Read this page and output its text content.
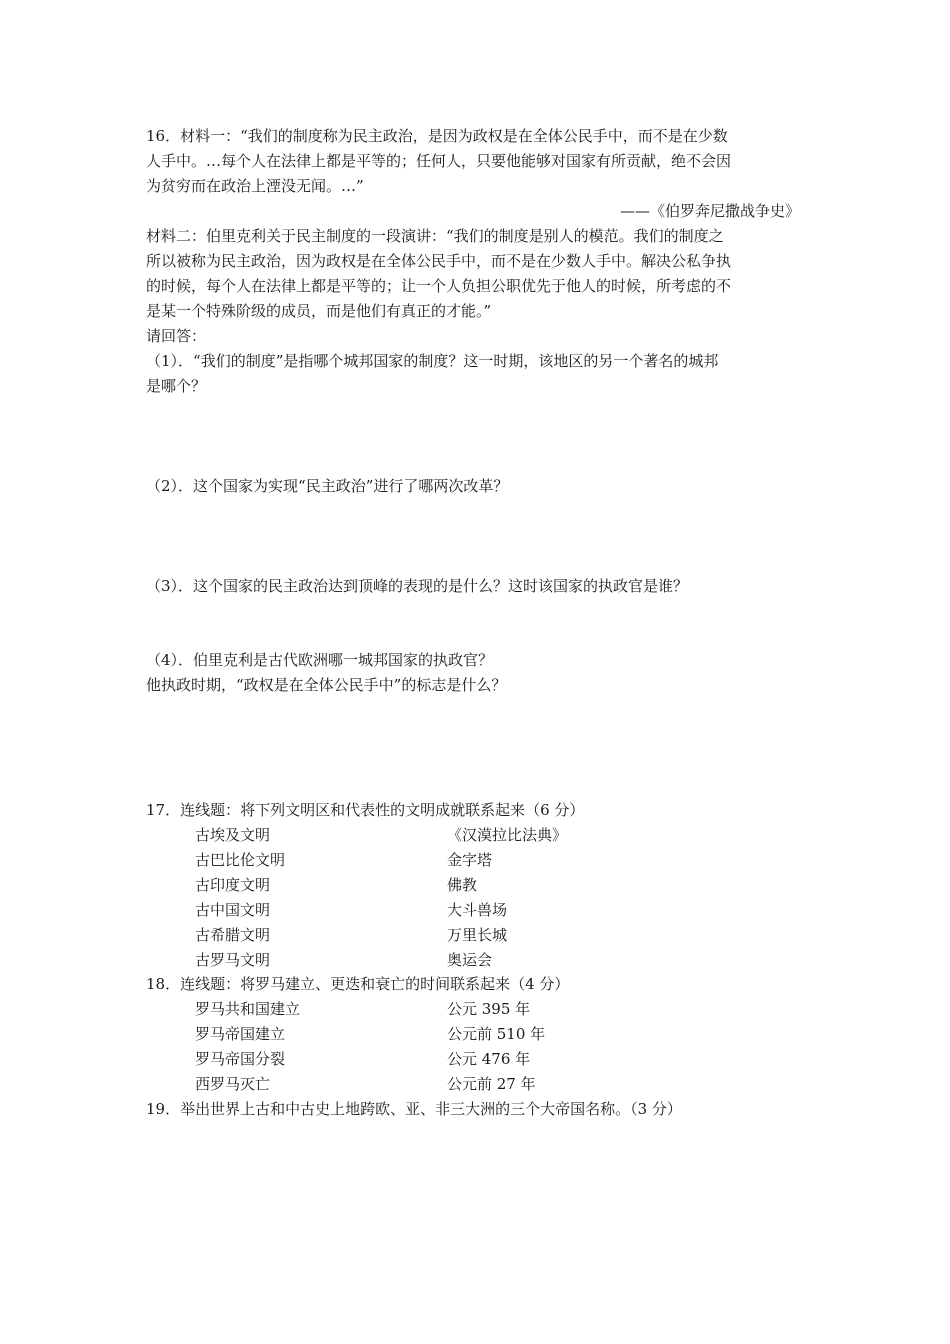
16．材料一：“我们的制度称为民主政治，是因为政权是在全体公民手中，而不是在少数
人手中。…每个人在法律上都是平等的；任何人，只要他能够对国家有所贡献，绝不会因
为贫穷而在政治上湮没无闻。…”
——《伯罗奔尼撒战争史》
材料二：伯里克利关于民主制度的一段演讲：“我们的制度是别人的模范。我们的制度之
所以被称为民主政治，因为政权是在全体公民手中，而不是在少数人手中。解决公私争执
的时候，每个人在法律上都是平等的；让一个人负担公职优先于他人的时候，所考虑的不
是某一个特殊阶级的成员，而是他们有真正的才能。”
请回答：
（1）．“我们的制度”是指哪个城邦国家的制度？这一时期，该地区的另一个著名的城邦
是哪个？
（2）．这个国家为实现“民主政治”进行了哪两次改革？
（3）．这个国家的民主政治达到顶峰的表现的是什么？这时该国家的执政官是谁？
（4）．伯里克利是古代欧洲哪一城邦国家的执政官？
他执政时期，“政权是在全体公民手中”的标志是什么？
17．连线题：将下列文明区和代表性的文明成就联系起来（6 分）
古埃及文明	《汉漠拉比法典》
古巴比伦文明	金字塔
古印度文明	佛教
古中国文明	大斗兽场
古希腊文明	万里长城
古罗马文明	奥运会
18．连线题：将罗马建立、更迭和衰亡的时间联系起来（4 分）
罗马共和国建立	公元 395 年
罗马帝国建立	公元前 510 年
罗马帝国分裂	公元 476 年
西罗马灭亡	公元前 27 年
19．举出世界上古和中古史上地跨欧、亚、非三大洲的三个大帝国名称。（3 分）
